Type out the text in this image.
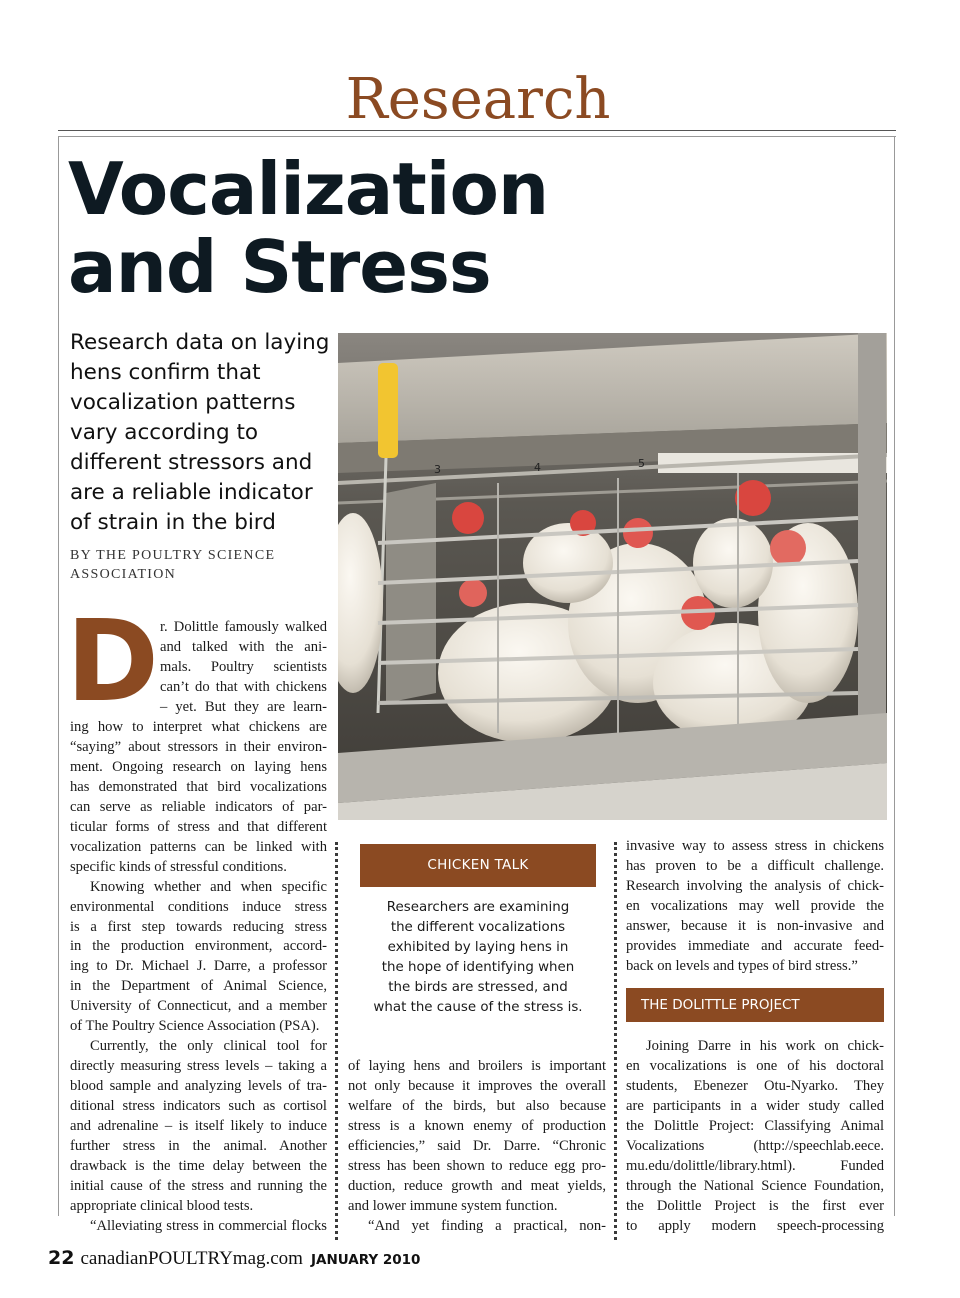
Research
Vocalization
and Stress
Research data on laying
hens confirm that
vocalization patterns
vary according to
different stressors and
are a reliable indicator
of strain in the bird
BY THE POULTRY SCIENCE
ASSOCIATION
D r. Dolittle famously walked
and talked with the ani-
mals. Poultry scientists
can’t do that with chickens
– yet. But they are learn-
ing how to interpret what chickens are
“saying” about stressors in their environ-
ment. Ongoing research on laying hens
has demonstrated that bird vocalizations
can serve as reliable indicators of par-
ticular forms of stress and that different
vocalization patterns can be linked with
specific kinds of stressful conditions.
Knowing whether and when specific
environmental conditions induce stress
is a first step towards reducing stress
in the production environment, accord-
ing to Dr. Michael J. Darre, a professor
in the Department of Animal Science,
University of Connecticut, and a member
of The Poultry Science Association (PSA).
Currently, the only clinical tool for
directly measuring stress levels – taking a
blood sample and analyzing levels of tra-
ditional stress indicators such as cortisol
and adrenaline – is itself likely to induce
further stress in the animal. Another
drawback is the time delay between the
initial cause of the stress and running the
appropriate clinical blood tests.
“Alleviating stress in commercial flocks
3	4	5
CHICKEN TALK
Researchers are examining
the different vocalizations
exhibited by laying hens in
the hope of identifying when
the birds are stressed, and
what the cause of the stress is.
of laying hens and broilers is important
not only because it improves the overall
welfare of the birds, but also because
stress is a known enemy of production
efficiencies,” said Dr. Darre. “Chronic
stress has been shown to reduce egg pro-
duction, reduce growth and meat yields,
and lower immune system function.
“And yet finding a practical, non-
invasive way to assess stress in chickens
has proven to be a difficult challenge.
Research involving the analysis of chick-
en vocalizations may well provide the
answer, because it is non-invasive and
provides immediate and accurate feed-
back on levels and types of bird stress.”
THE DOLITTLE PROJECT
Joining Darre in his work on chick-
en vocalizations is one of his doctoral
students, Ebenezer Otu-Nyarko. They
are participants in a wider study called
the Dolittle Project: Classifying Animal
Vocalizations (http://speechlab.eece.
mu.edu/dolittle/library.html). Funded
through the National Science Foundation,
the Dolittle Project is the first ever
to apply modern speech-processing
22 canadianPOULTRYmag.com JANUARY 2010
